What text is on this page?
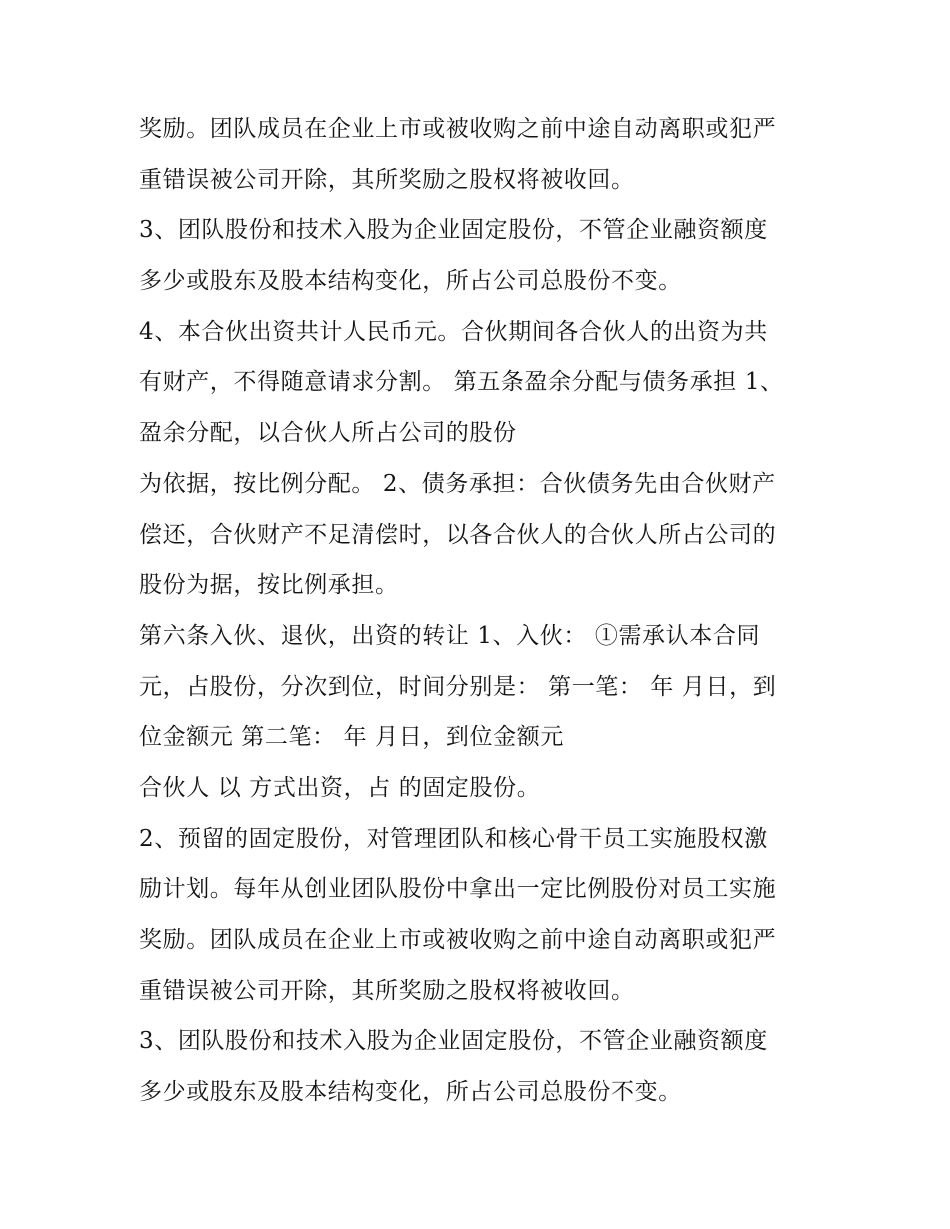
奖励。团队成员在企业上市或被收购之前中途自动离职或犯严
重错误被公司开除，其所奖励之股权将被收回。
3、团队股份和技术入股为企业固定股份，不管企业融资额度
多少或股东及股本结构变化，所占公司总股份不变。
4、本合伙出资共计人民币元。合伙期间各合伙人的出资为共
有财产，不得随意请求分割。 第五条盈余分配与债务承担 1、
盈余分配，以合伙人所占公司的股份
为依据，按比例分配。 2、债务承担：合伙债务先由合伙财产
偿还，合伙财产不足清偿时，以各合伙人的合伙人所占公司的
股份为据，按比例承担。
第六条入伙、退伙，出资的转让 1、入伙： ①需承认本合同
元，占股份，分次到位，时间分别是： 第一笔： 年 月日，到
位金额元 第二笔： 年 月日，到位金额元
合伙人 以 方式出资，占 的固定股份。
2、预留的固定股份，对管理团队和核心骨干员工实施股权激
励计划。每年从创业团队股份中拿出一定比例股份对员工实施
奖励。团队成员在企业上市或被收购之前中途自动离职或犯严
重错误被公司开除，其所奖励之股权将被收回。
3、团队股份和技术入股为企业固定股份，不管企业融资额度
多少或股东及股本结构变化，所占公司总股份不变。
